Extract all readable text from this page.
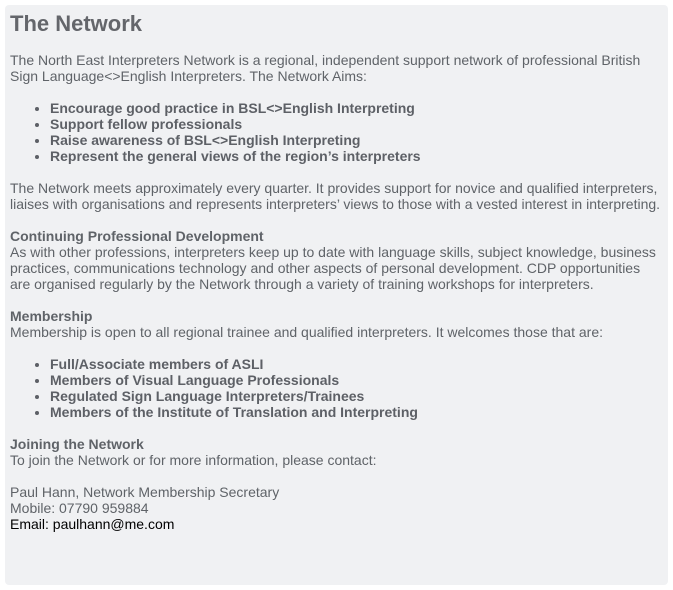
The Network

The North East Interpreters Network is a regional, independent support network of professional British Sign Language<>English Interpreters. The Network Aims:

• Encourage good practice in BSL<>English Interpreting
• Support fellow professionals
• Raise awareness of BSL<>English Interpreting
• Represent the general views of the region’s interpreters

The Network meets approximately every quarter. It provides support for novice and qualified interpreters, liaises with organisations and represents interpreters’ views to those with a vested interest in interpreting.

Continuing Professional Development
As with other professions, interpreters keep up to date with language skills, subject knowledge, business practices, communications technology and other aspects of personal development. CDP opportunities are organised regularly by the Network through a variety of training workshops for interpreters.

Membership
Membership is open to all regional trainee and qualified interpreters. It welcomes those that are:

• Full/Associate members of ASLI
• Members of Visual Language Professionals
• Regulated Sign Language Interpreters/Trainees
• Members of the Institute of Translation and Interpreting

Joining the Network
To join the Network or for more information, please contact:

Paul Hann, Network Membership Secretary
Mobile: 07790 959884
Email: paulhann@me.com
